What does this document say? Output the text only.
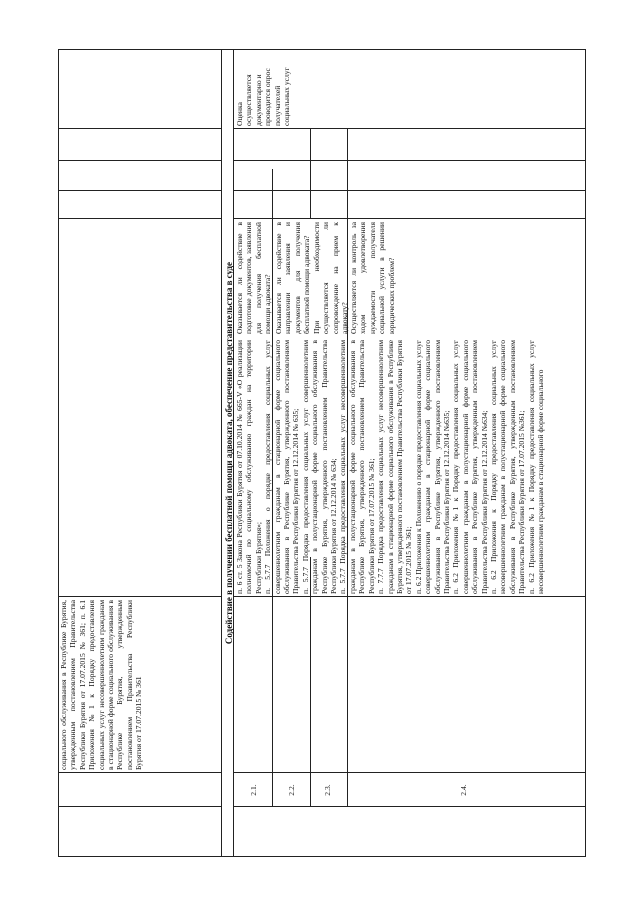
социального обслуживания в Республике Бурятия, утвержденным постановлением Правительства Республики Бурятия от 17.07.2015 № 361; п. 6.1 Приложения №1 к Порядку предоставления социальных услуг несовершеннолетним гражданам в стационарной форме социального обслуживания в Республике Бурятия, утвержденным постановлением Правительства Республики Бурятия от 17.07.2015 № 361
Содействие в получении бесплатной помощи адвоката, обеспечение представительства в суде
2.1.
Оказывается ли содействие в подготовке документов, заявления для получения бесплатной помощи адвоката?
2.2.
Оказывается ли содействие в направлении заявления и документов для получения бесплатной помощи адвоката?
2.3.
При необходимости осуществляется ли сопровождение на прием к адвокату?
2.4.
Осуществляется ли контроль за ходом удовлетворения нуждаемости получателя социальной услуги в решении юридических проблем?

п. 6 ст. 5 Закона Республики Бурятия от 07.10.2014 № 665-V «О реализации полномочий по социальному обслуживанию граждан на территории Республики Бурятия»; п. 5.7.7 Положения о порядке предоставления социальных услуг совершеннолетним гражданам в стационарной форме социального обслуживания в Республике Бурятия, утвержденного постановлением Правительства Республики Бурятия от 12.12.2014 № 635; п. 5.7.7 Порядка предоставления социальных услуг совершеннолетним гражданам в полустационарной форме социального обслуживания в Республике Бурятия, утвержденного постановлением Правительства Республики Бурятия от 12.12.2014 № 634; п. 5.7.7 Порядка предоставления социальных услуг несовершеннолетним гражданам в полустационарной форме социального обслуживания в Республике Бурятия, утвержденного постановлением Правительства Республики Бурятия от 17.07.2015 № 361; п. 7.7.7 Порядка предоставления социальных услуг несовершеннолетним гражданам в стационарной форме социального обслуживания в Республике Бурятия, утвержденного постановлением Правительства Республики Бурятия от 17.07.2015 № 361; п. 6.2 Приложения к Положению о порядке предоставления социальных услуг совершеннолетним гражданам в стационарной форме социального обслуживания в Республике Бурятия, утвержденного постановлением Правительства Республики Бурятия от 12.12.2014 №635; п. 6.2 Приложения №1 к Порядку предоставления социальных услуг совершеннолетним гражданам в полустационарной форме социального обслуживания в Республике Бурятия, утвержденным постановлением Правительства Республики Бурятия от 12.12.2014 №634; п. 6.2 Приложения к Порядку предоставления социальных услуг несовершеннолетним гражданам в полустационарной форме социального обслуживания в Республике Бурятия, утвержденным постановлением Правительства Республики Бурятия от 17.07.2015 №361; п. 6.2 Приложения №1 к Порядку предоставления социальных услуг несовершеннолетним гражданам в стационарной форме социального

Оценка осуществляется документарно и проводится опрос получателей социальных услуг
